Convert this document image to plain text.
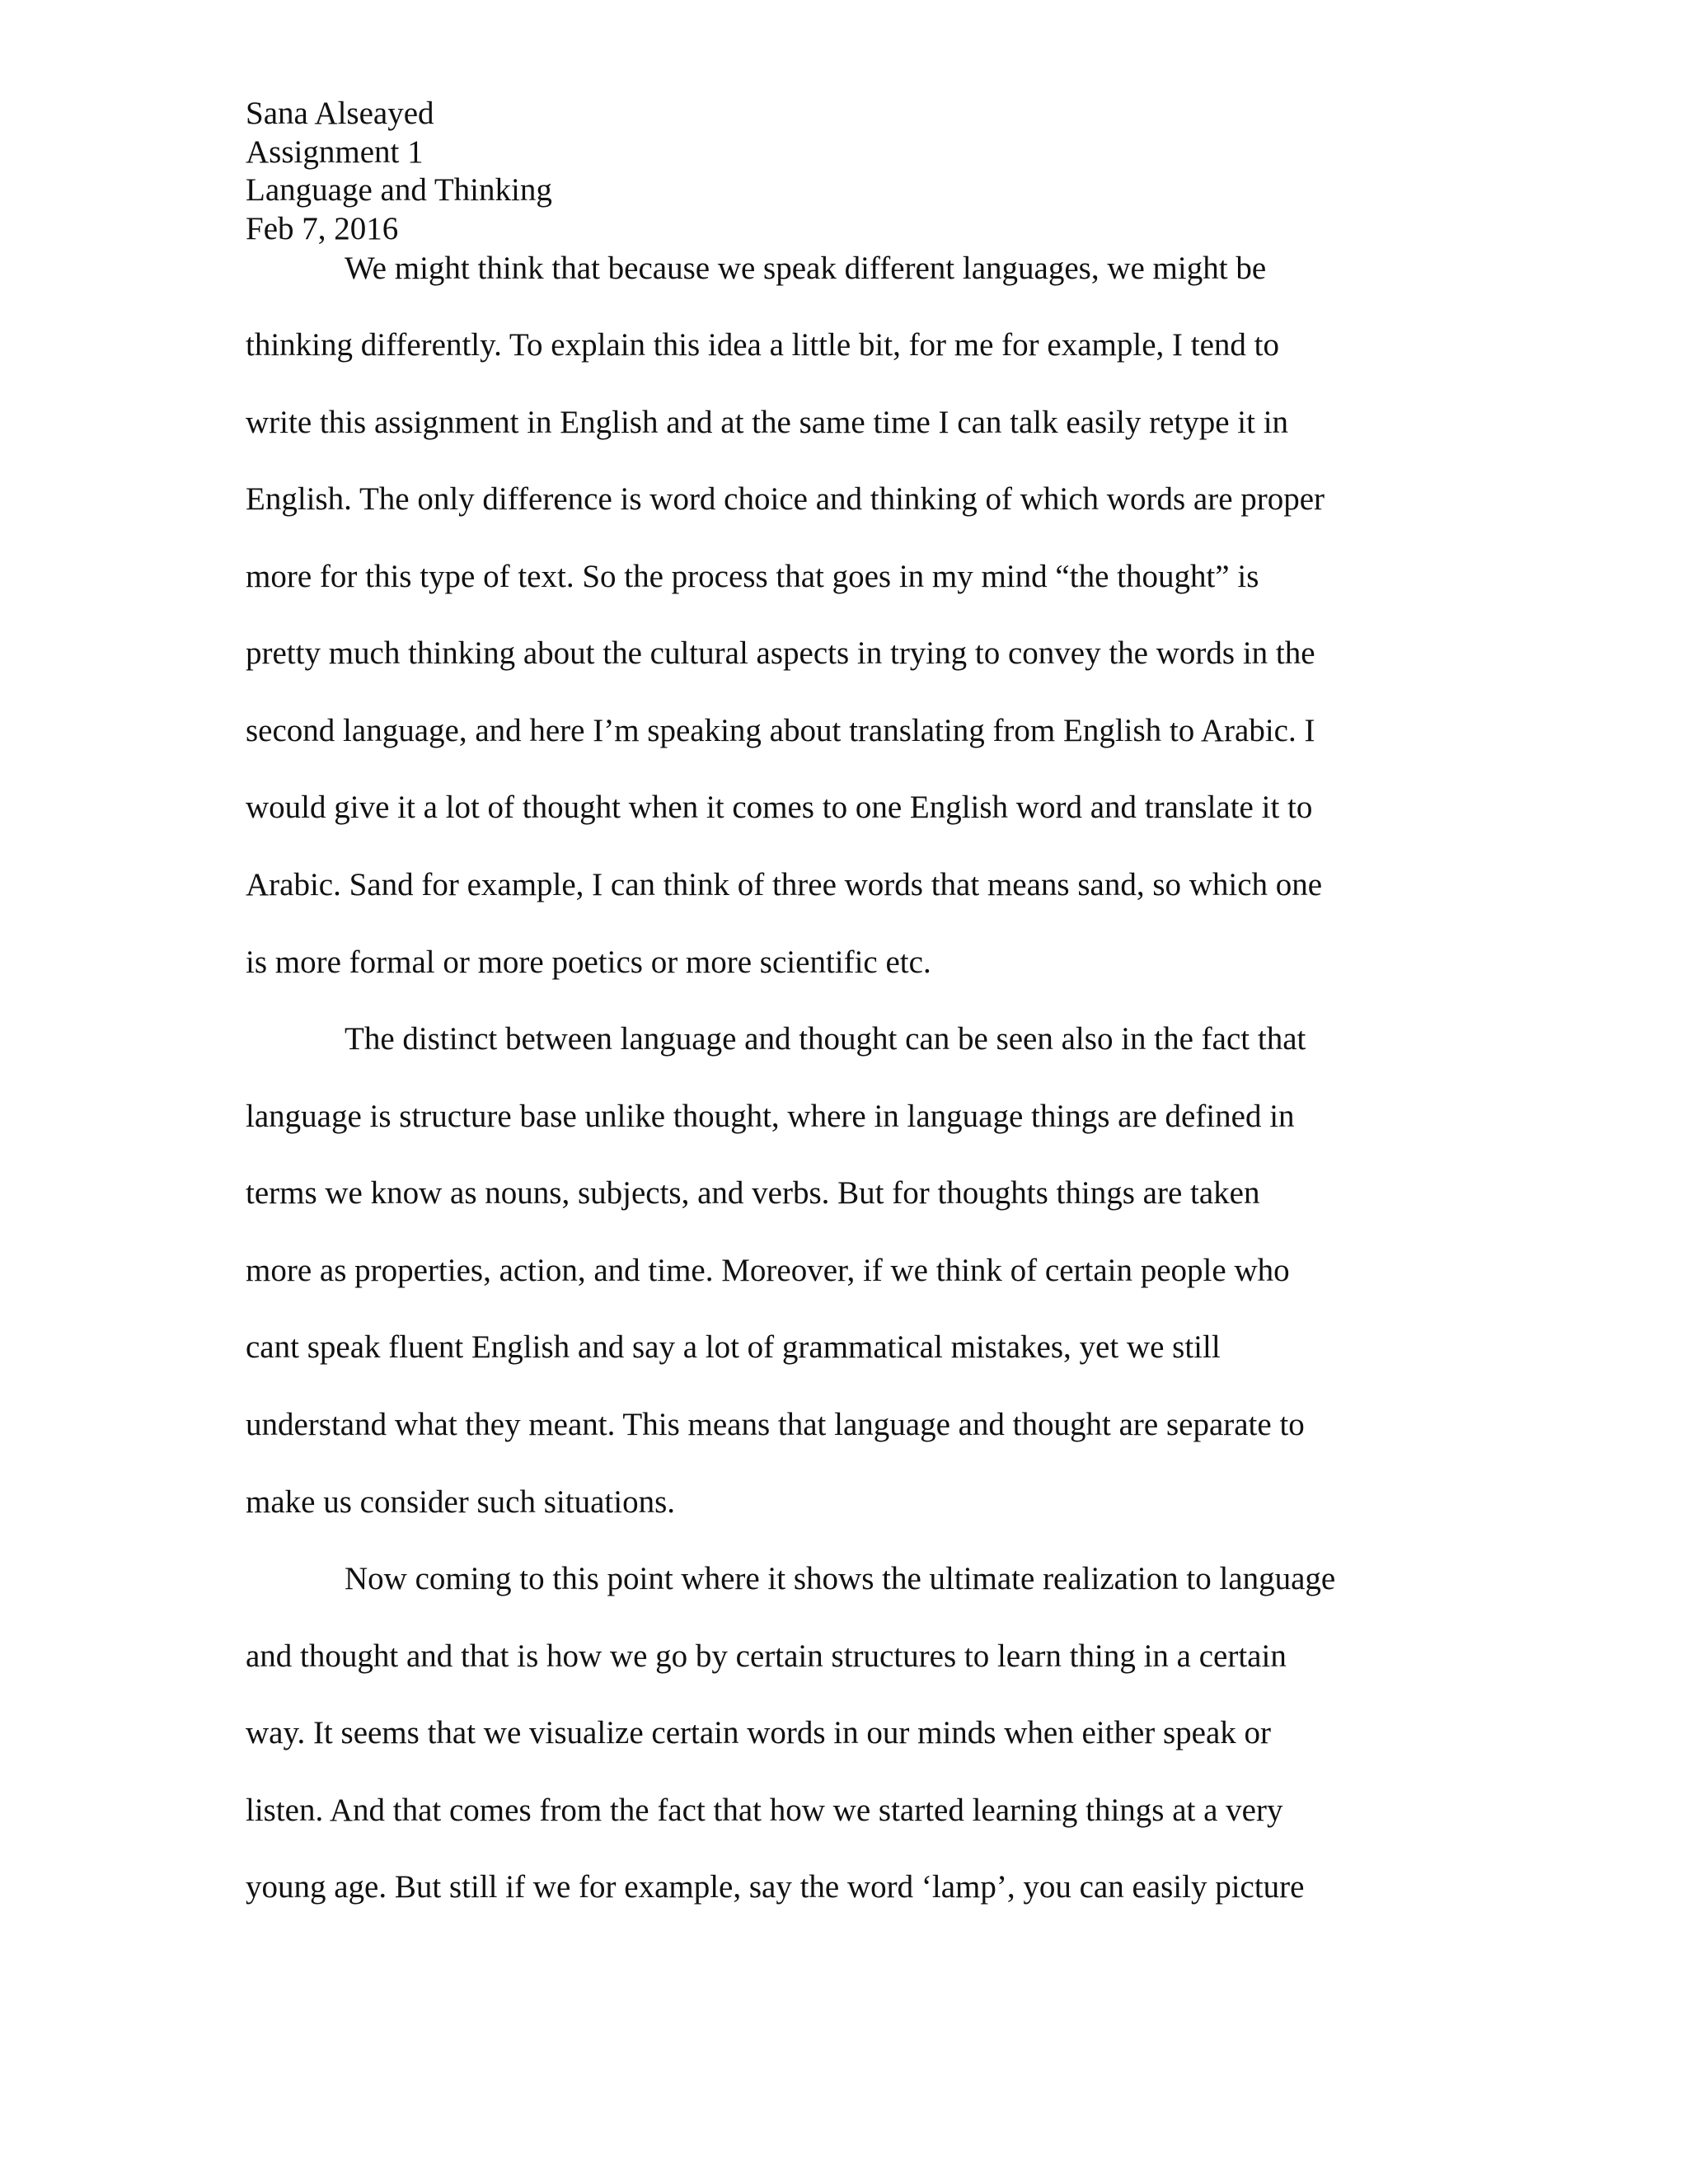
Sana Alseayed
Assignment 1
Language and Thinking
Feb 7, 2016
We might think that because we speak different languages, we might be
thinking differently. To explain this idea a little bit, for me for example, I tend to
write this assignment in English and at the same time I can talk easily retype it in
English. The only difference is word choice and thinking of which words are proper
more for this type of text. So the process that goes in my mind “the thought” is
pretty much thinking about the cultural aspects in trying to convey the words in the
second language, and here I’m speaking about translating from English to Arabic. I
would give it a lot of thought when it comes to one English word and translate it to
Arabic. Sand for example, I can think of three words that means sand, so which one
is more formal or more poetics or more scientific etc.
The distinct between language and thought can be seen also in the fact that
language is structure base unlike thought, where in language things are defined in
terms we know as nouns, subjects, and verbs. But for thoughts things are taken
more as properties, action, and time. Moreover, if we think of certain people who
cant speak fluent English and say a lot of grammatical mistakes, yet we still
understand what they meant. This means that language and thought are separate to
make us consider such situations.
Now coming to this point where it shows the ultimate realization to language
and thought and that is how we go by certain structures to learn thing in a certain
way. It seems that we visualize certain words in our minds when either speak or
listen. And that comes from the fact that how we started learning things at a very
young age. But still if we for example, say the word ‘lamp’, you can easily picture
